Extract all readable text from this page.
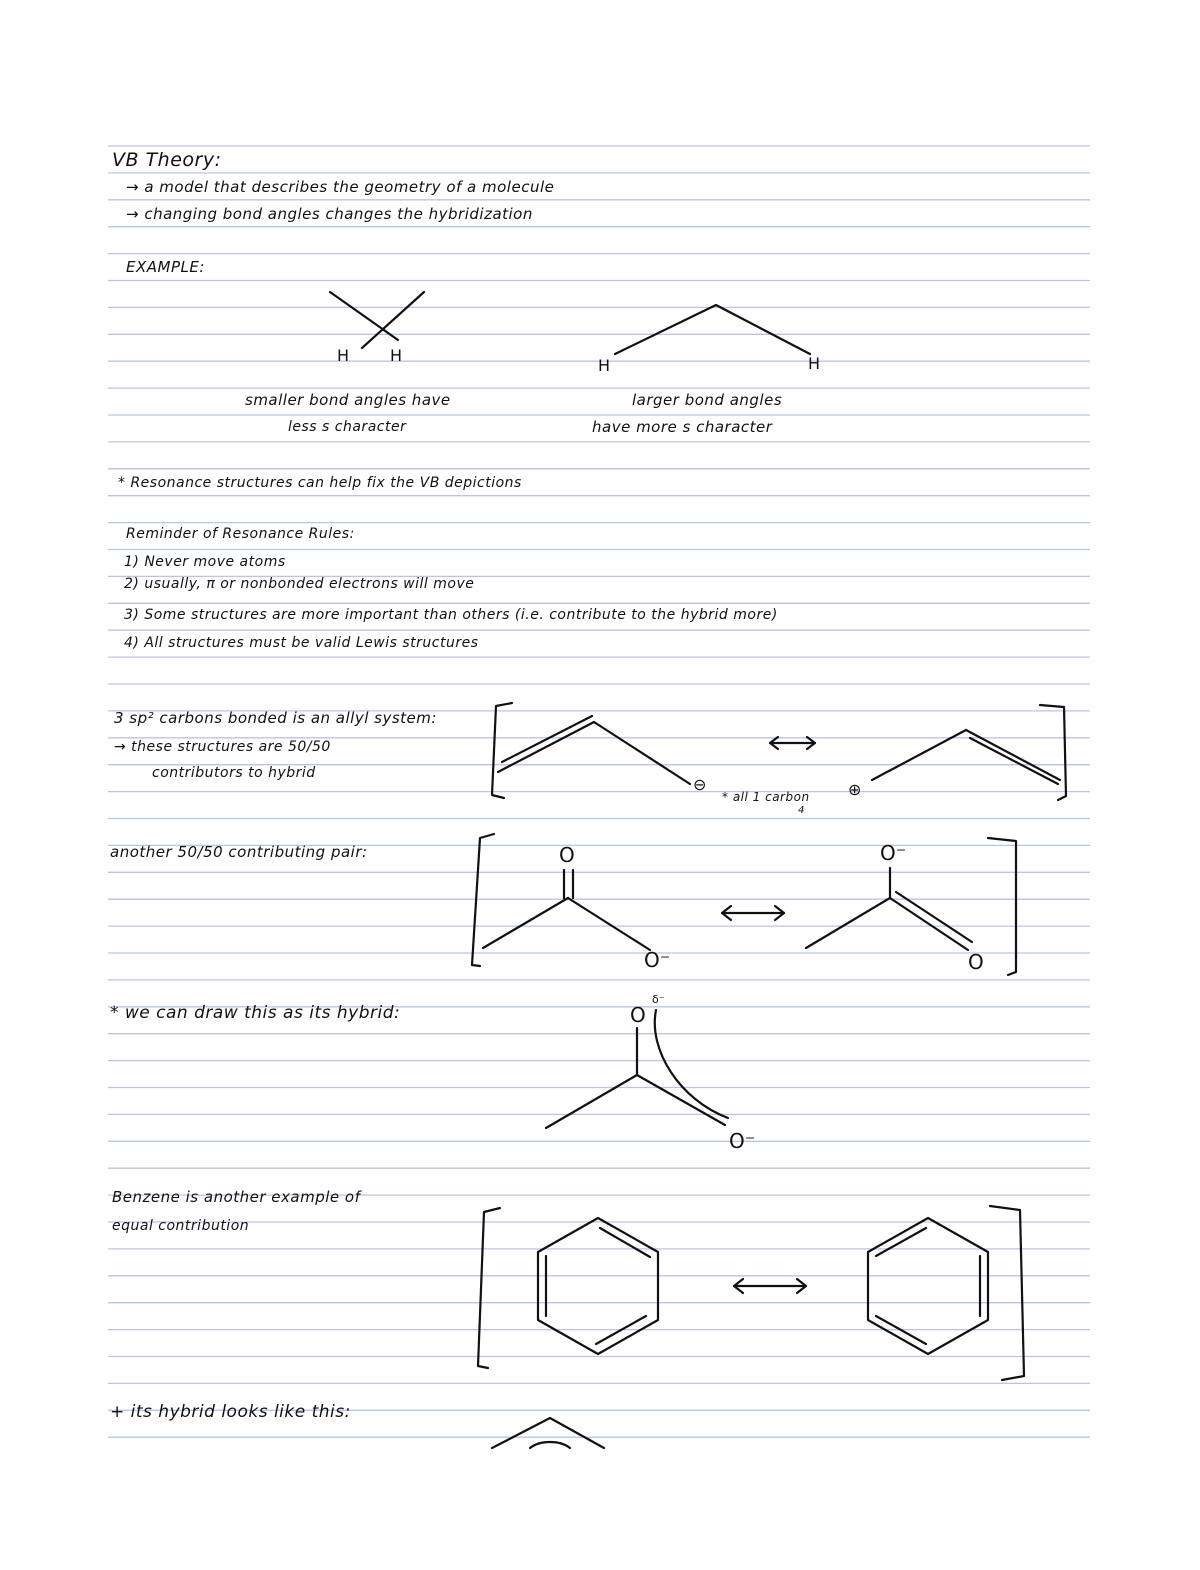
VB Theory:
→ a model that describes the geometry of a molecule
→ changing bond angles changes the hybridization
EXAMPLE:
H	H
H	H
smaller bond angles have
less s character
larger bond angles
have more s character
* Resonance structures can help fix the VB depictions
Reminder of Resonance Rules:
1) Never move atoms
2) usually, π or nonbonded electrons will move
3) Some structures are more important than others (i.e. contribute to the hybrid more)
4) All structures must be valid Lewis structures
3 sp² carbons bonded is an allyl system:
→ these structures are 50/50
contributors to hybrid
⊖
* all 1 carbon
4
⊕
another 50/50 contributing pair:	O
O⁻
O⁻
O
* we can draw this as its hybrid:	O
δ⁻
O⁻
Benzene is another example of
equal contribution
+ its hybrid looks like this:
